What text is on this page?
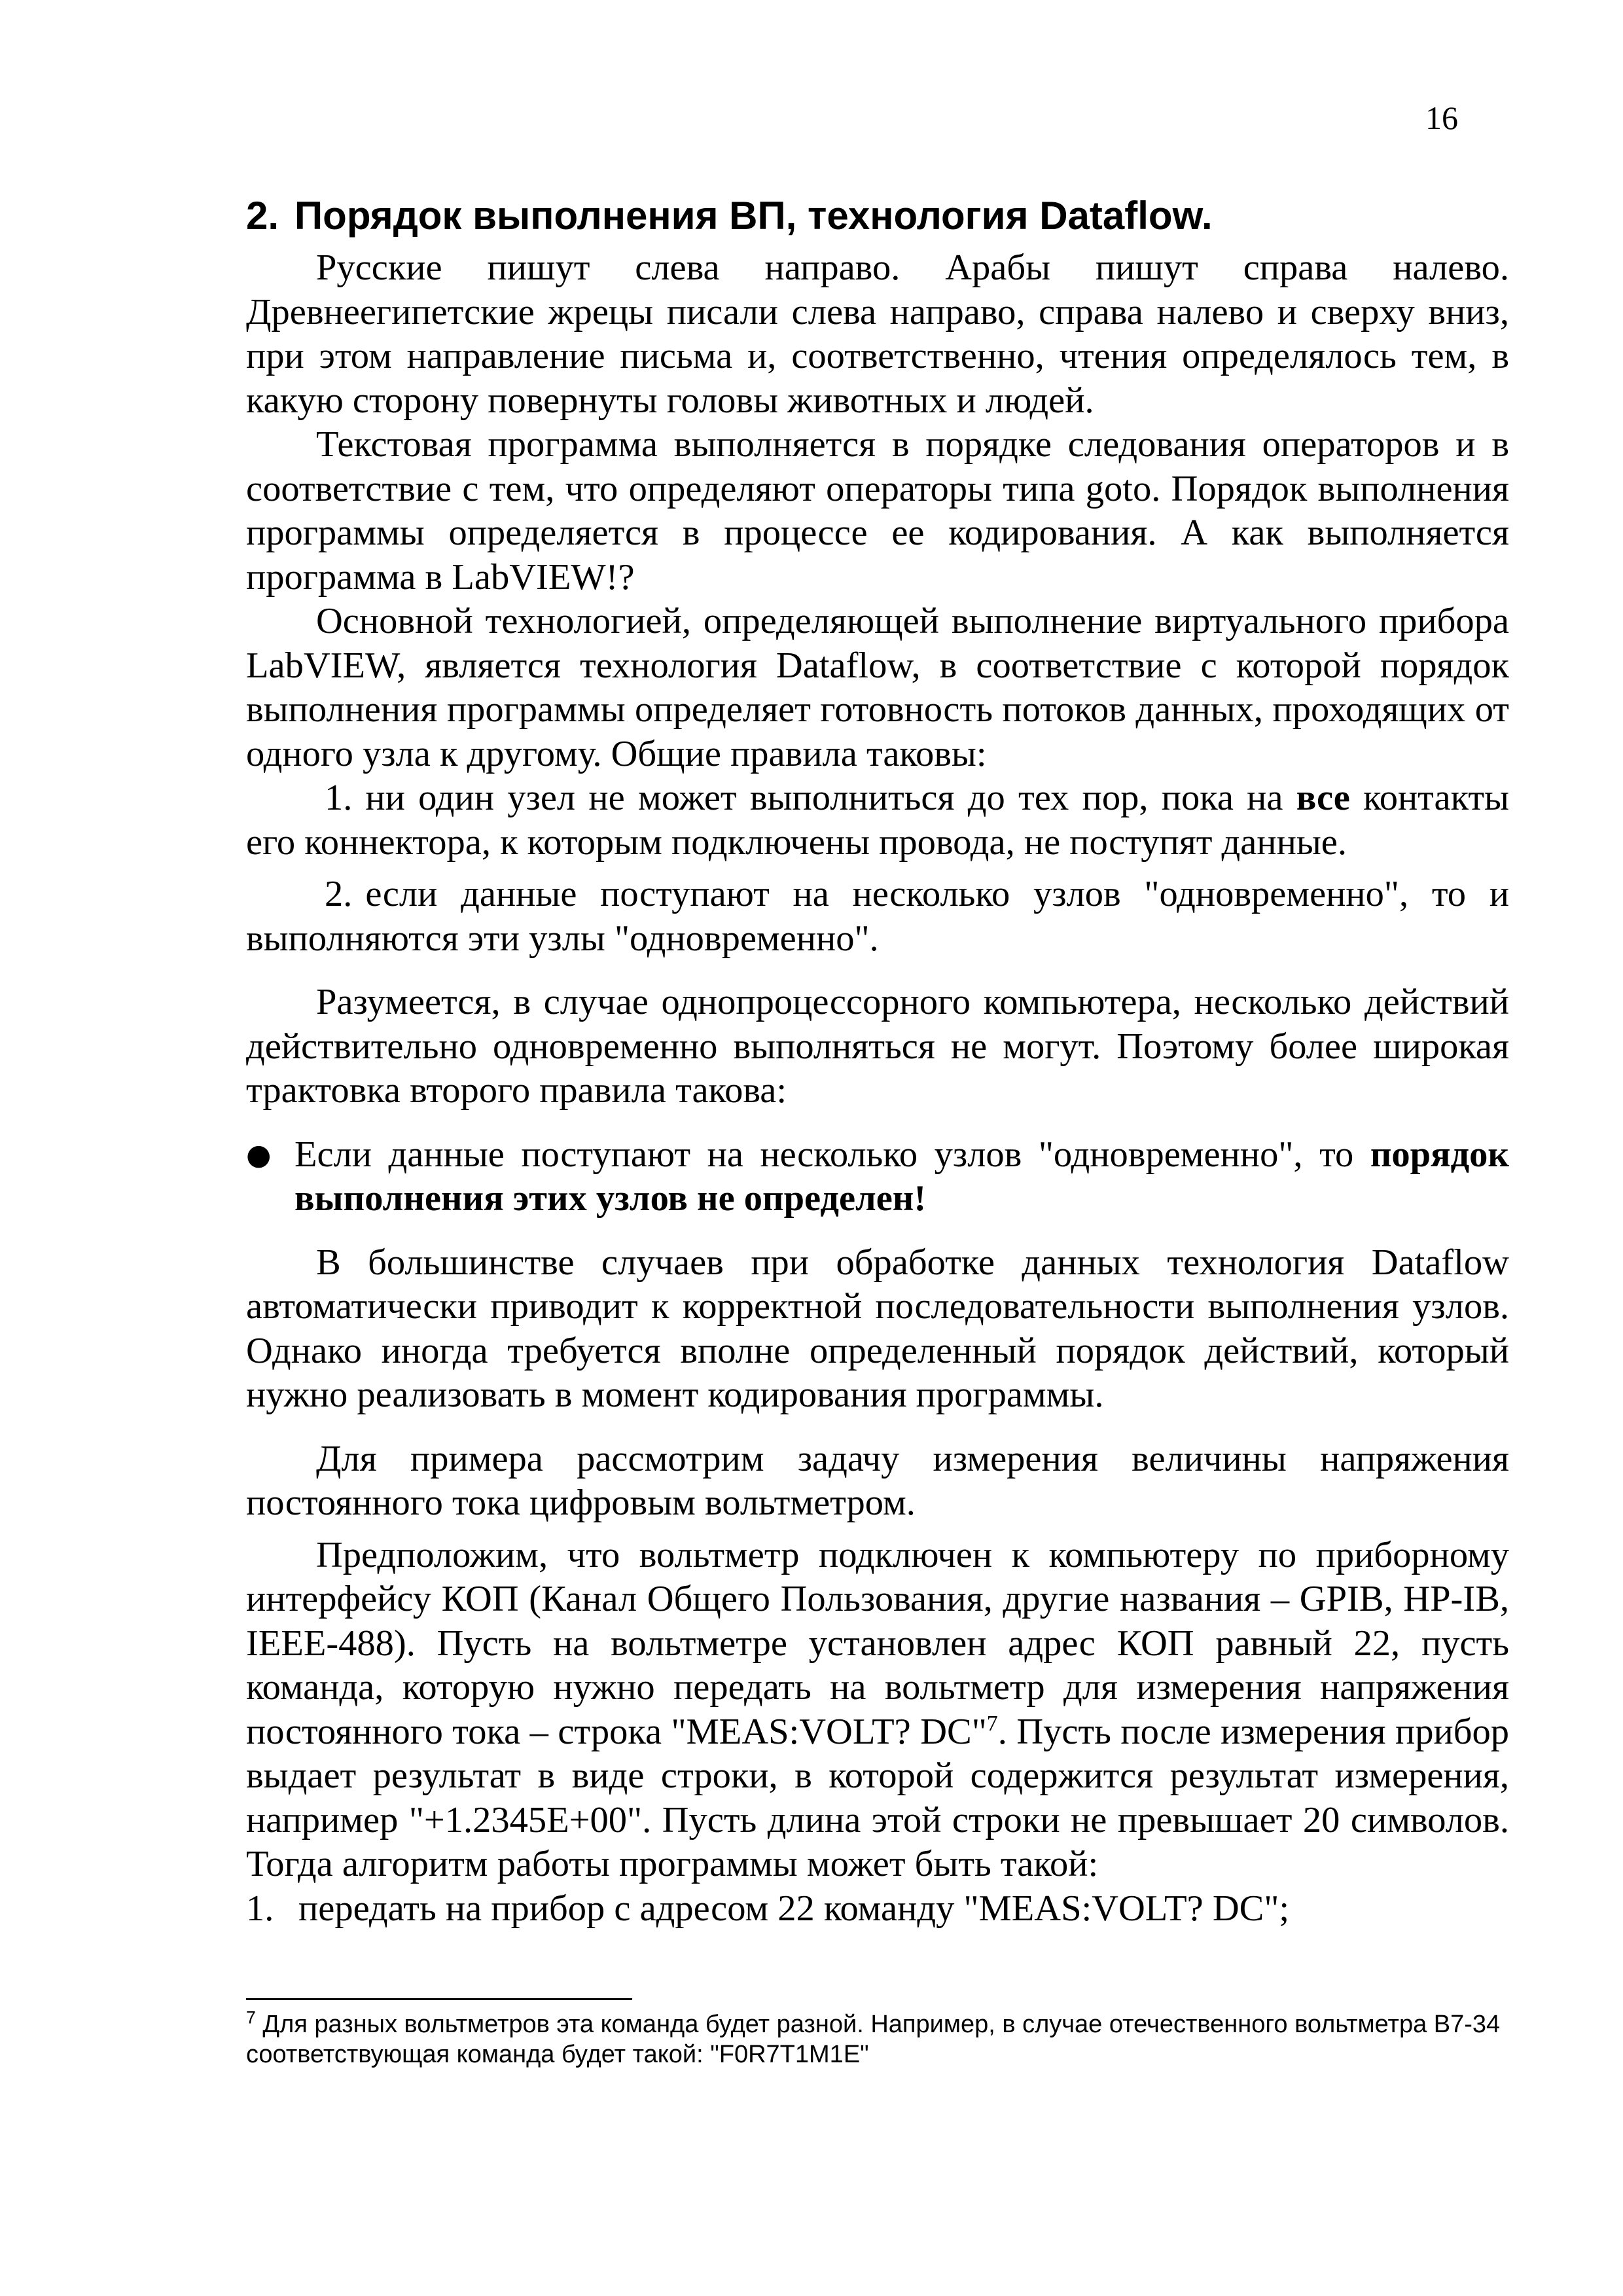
16
2. Порядок выполнения ВП, технология Dataflow.

Русские пишут слева направо. Арабы пишут справа налево. Древнеегипетские жрецы писали слева направо, справа налево и сверху вниз, при этом направление письма и, соответственно, чтения определялось тем, в какую сторону повернуты головы животных и людей.

Текстовая программа выполняется в порядке следования операторов и в соответствие с тем, что определяют операторы типа goto. Порядок выполнения программы определяется в процессе ее кодирования. А как выполняется программа в LabVIEW!?

Основной технологией, определяющей выполнение виртуального прибора LabVIEW, является технология Dataflow, в соответствие с которой порядок выполнения программы определяет готовность потоков данных, проходящих от одного узла к другому. Общие правила таковы:

1. ни один узел не может выполниться до тех пор, пока на все контакты его коннектора, к которым подключены провода, не поступят данные.

2. если данные поступают на несколько узлов "одновременно", то и выполняются эти узлы "одновременно".

Разумеется, в случае однопроцессорного компьютера, несколько действий действительно одновременно выполняться не могут. Поэтому более широкая трактовка второго правила такова:

● Если данные поступают на несколько узлов "одновременно", то порядок выполнения этих узлов не определен!

В большинстве случаев при обработке данных технология Dataflow автоматически приводит к корректной последовательности выполнения узлов. Однако иногда требуется вполне определенный порядок действий, который нужно реализовать в момент кодирования программы.

Для примера рассмотрим задачу измерения величины напряжения постоянного тока цифровым вольтметром.

Предположим, что вольтметр подключен к компьютеру по приборному интерфейсу КОП (Канал Общего Пользования, другие названия – GPIB, HP-IB, IEEE-488). Пусть на вольтметре установлен адрес КОП равный 22, пусть команда, которую нужно передать на вольтметр для измерения напряжения постоянного тока – строка "MEAS:VOLT? DC"$^7$. Пусть после измерения прибор выдает результат в виде строки, в которой содержится результат измерения, например "+1.2345E+00". Пусть длина этой строки не превышает 20 символов. Тогда алгоритм работы программы может быть такой:

1. передать на прибор с адресом 22 команду "MEAS:VOLT? DC";

$^7$ Для разных вольтметров эта команда будет разной. Например, в случае отечественного вольтметра В7-34 соответствующая команда будет такой: "F0R7T1M1E"
